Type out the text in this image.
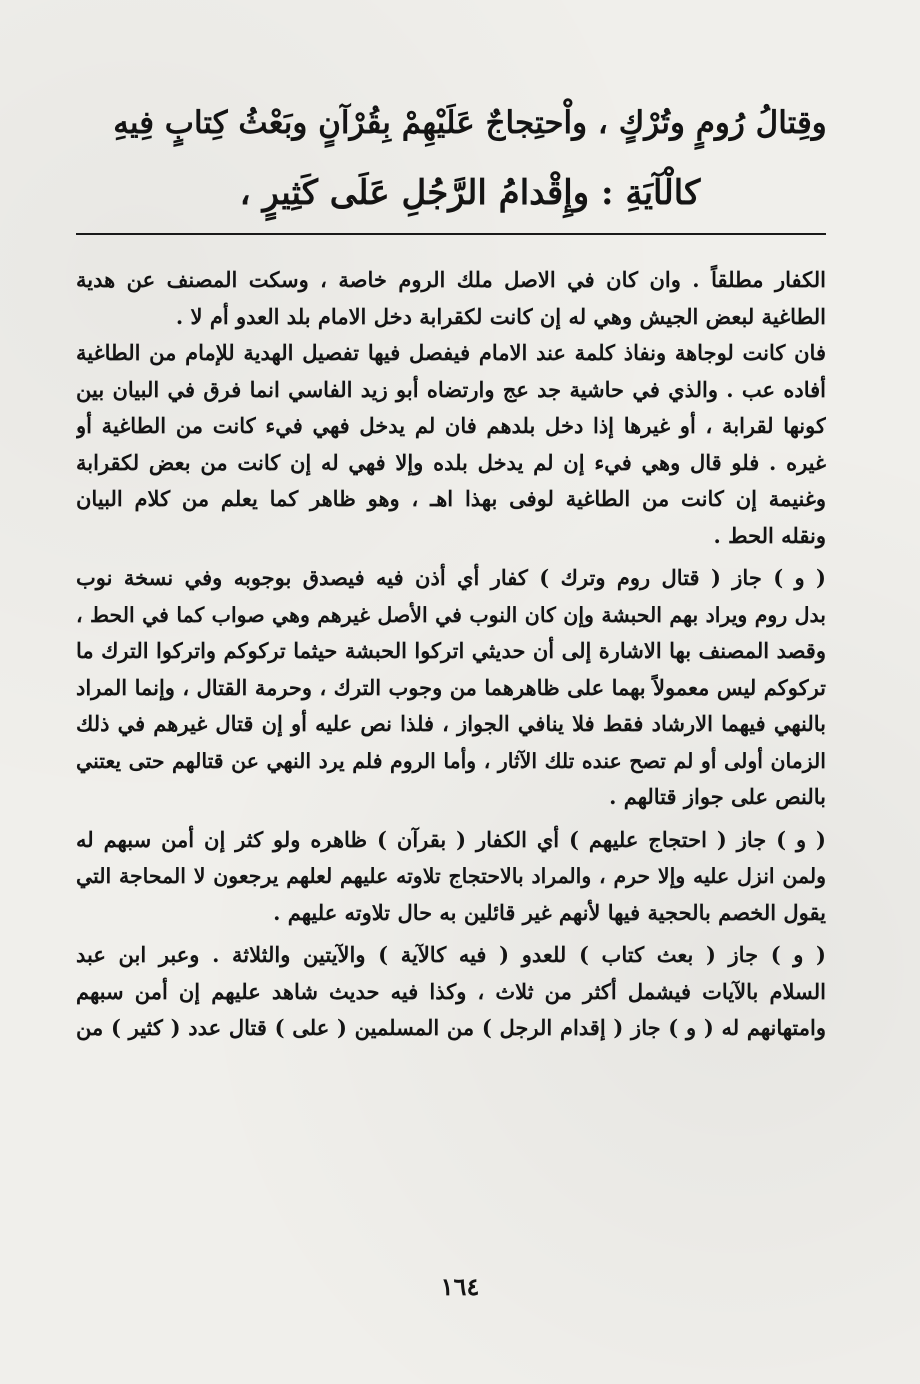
وقِتالُ رُومٍ وتُرْكٍ ، واْحتِجاجٌ عَلَيْهِمْ بِقُرْآنٍ وبَعْثُ كِتابٍ فِيهِ
كالْآيَةِ : وإِقْدامُ الرَّجُلِ عَلَى كَثِيرٍ ،
الكفار مطلقاً . وان كان في الاصل ملك الروم خاصة ، وسكت المصنف عن هدية
الطاغية لبعض الجيش وهي له إن كانت لكقرابة دخل الامام بلد العدو أم لا .
فان كانت لوجاهة ونفاذ كلمة عند الامام فيفصل فيها تفصيل الهدية للإمام من الطاغية
أفاده عب . والذي في حاشية جد عج وارتضاه أبو زيد الفاسي انما فرق في البيان بين
كونها لقرابة ، أو غيرها إذا دخل بلدهم فان لم يدخل فهي فيء كانت من الطاغية أو
غيره . فلو قال وهي فيء إن لم يدخل بلده وإلا فهي له إن كانت من بعض لكقرابة
وغنيمة إن كانت من الطاغية لوفى بهذا اهـ ، وهو ظاهر كما يعلم من كلام البيان
ونقله الحط .
( و ) جاز ( قتال روم وترك ) كفار أي أذن فيه فيصدق بوجوبه وفي نسخة نوب
بدل روم ويراد بهم الحبشة وإن كان النوب في الأصل غيرهم وهي صواب كما في الحط ،
وقصد المصنف بها الاشارة إلى أن حديثي اتركوا الحبشة حيثما تركوكم واتركوا الترك ما
تركوكم ليس معمولاً بهما على ظاهرهما من وجوب الترك ، وحرمة القتال ، وإنما المراد
بالنهي فيهما الارشاد فقط فلا ينافي الجواز ، فلذا نص عليه أو إن قتال غيرهم في ذلك
الزمان أولى أو لم تصح عنده تلك الآثار ، وأما الروم فلم يرد النهي عن قتالهم حتى يعتني
بالنص على جواز قتالهم .
( و ) جاز ( احتجاج عليهم ) أي الكفار ( بقرآن ) ظاهره ولو كثر إن أمن سبهم له
ولمن انزل عليه وإلا حرم ، والمراد بالاحتجاج تلاوته عليهم لعلهم يرجعون لا المحاجة التي
يقول الخصم بالحجية فيها لأنهم غير قائلين به حال تلاوته عليهم .
( و ) جاز ( بعث كتاب ) للعدو ( فيه كالآية ) والآيتين والثلاثة . وعبر ابن عبد
السلام بالآيات فيشمل أكثر من ثلاث ، وكذا فيه حديث شاهد عليهم إن أمن سبهم
وامتهانهم له ( و ) جاز ( إقدام الرجل ) من المسلمين ( على ) قتال عدد ( كثير ) من
١٦٤
